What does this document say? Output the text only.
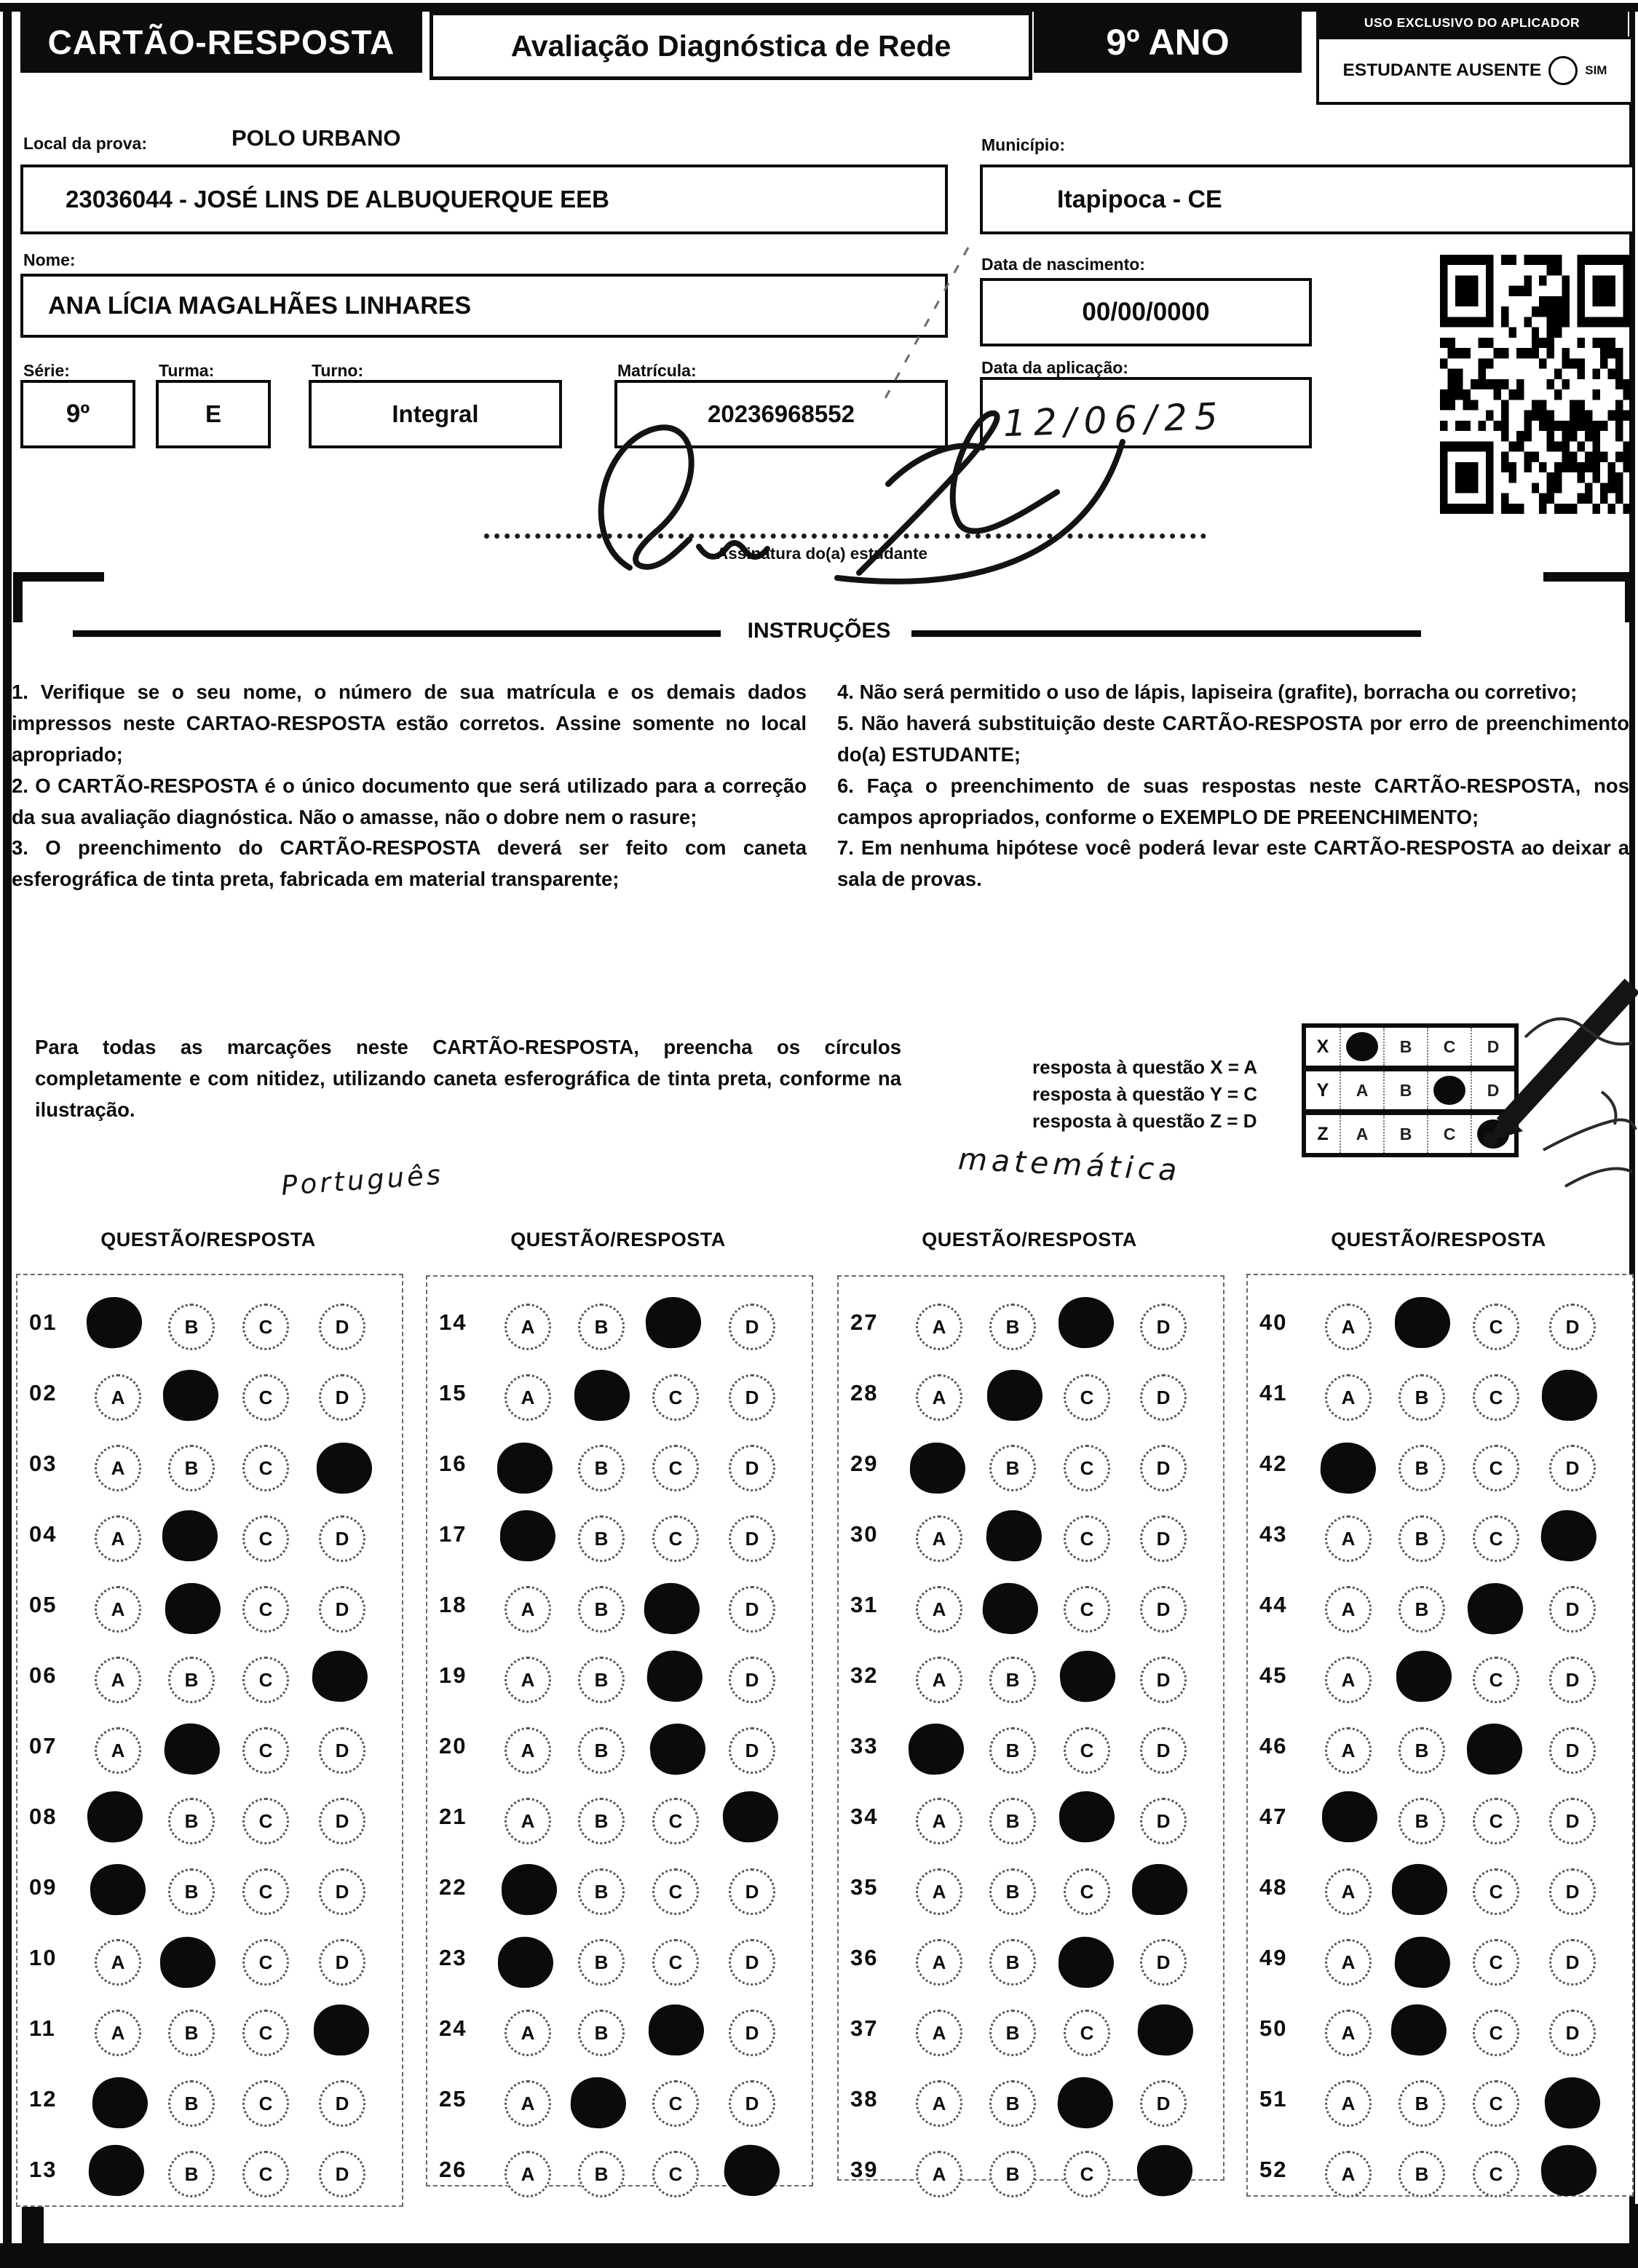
CARTÃO-RESPOSTA	Avaliação Diagnóstica de Rede	9º ANO	USO EXCLUSIVO DO APLICADOR
ESTUDANTE AUSENTE	SIM
Local da prova:	POLO URBANO	Município:
23036044 - JOSÉ LINS DE ALBUQUERQUE EEB	Itapipoca - CE
Nome:
ANA LÍCIA MAGALHÃES LINHARES
Data de nascimento:
00/00/0000
Série:
9º
Turma:
E
Turno:
Integral
Matrícula:
20236968552
Data da aplicação:
12/06/25
Assinatura do(a) estudante
INSTRUÇÕES

1. Verifique se o seu nome, o número de sua matrícula e os demais dados impressos neste CARTAO-RESPOSTA estão corretos. Assine somente no local apropriado;

2. O CARTÃO-RESPOSTA é o único documento que será utilizado para a correção da sua avaliação diagnóstica. Não o amasse, não o dobre nem o rasure;

3. O preenchimento do CARTÃO-RESPOSTA deverá ser feito com caneta esferográfica de tinta preta, fabricada em material transparente;

4. Não será permitido o uso de lápis, lapiseira (grafite), borracha ou corretivo;

5. Não haverá substituição deste CARTÃO-RESPOSTA por erro de preenchimento do(a) ESTUDANTE;

6. Faça o preenchimento de suas respostas neste CARTÃO-RESPOSTA, nos campos apropriados, conforme o EXEMPLO DE PREENCHIMENTO;

7. Em nenhuma hipótese você poderá levar este CARTÃO-RESPOSTA ao deixar a sala de provas.

Para todas as marcações neste CARTÃO-RESPOSTA, preencha os círculos completamente e com nitidez, utilizando caneta esferográfica de tinta preta, conforme na ilustração.

resposta à questão X = A

resposta à questão Y = C

resposta à questão Z = D

X	B	C	D
Y	A	B	D
Z	A	B	C
Português	matemática
QUESTÃO/RESPOSTA	QUESTÃO/RESPOSTA	QUESTÃO/RESPOSTA	QUESTÃO/RESPOSTA
01	B	C	D
02	A	C	D
03	A	B	C
04	A	C	D
05	A	C	D
06	A	B	C
07	A	C	D
08	B	C	D
09	B	C	D
10	A	C	D
11	A	B	C
12	B	C	D
13	B	C	D
14	A	B	D
15	A	C	D
16	B	C	D
17	B	C	D
18	A	B	D
19	A	B	D
20	A	B	D
21	A	B	C
22	B	C	D
23	B	C	D
24	A	B	D
25	A	C	D
26	A	B	C
27	A	B	D
28	A	C	D
29	B	C	D
30	A	C	D
31	A	C	D
32	A	B	D
33	B	C	D
34	A	B	D
35	A	B	C
36	A	B	D
37	A	B	C
38	A	B	D
39	A	B	C
40	A	C	D
41	A	B	C
42	B	C	D
43	A	B	C
44	A	B	D
45	A	C	D
46	A	B	D
47	B	C	D
48	A	C	D
49	A	C	D
50	A	C	D
51	A	B	C
52	A	B	C
